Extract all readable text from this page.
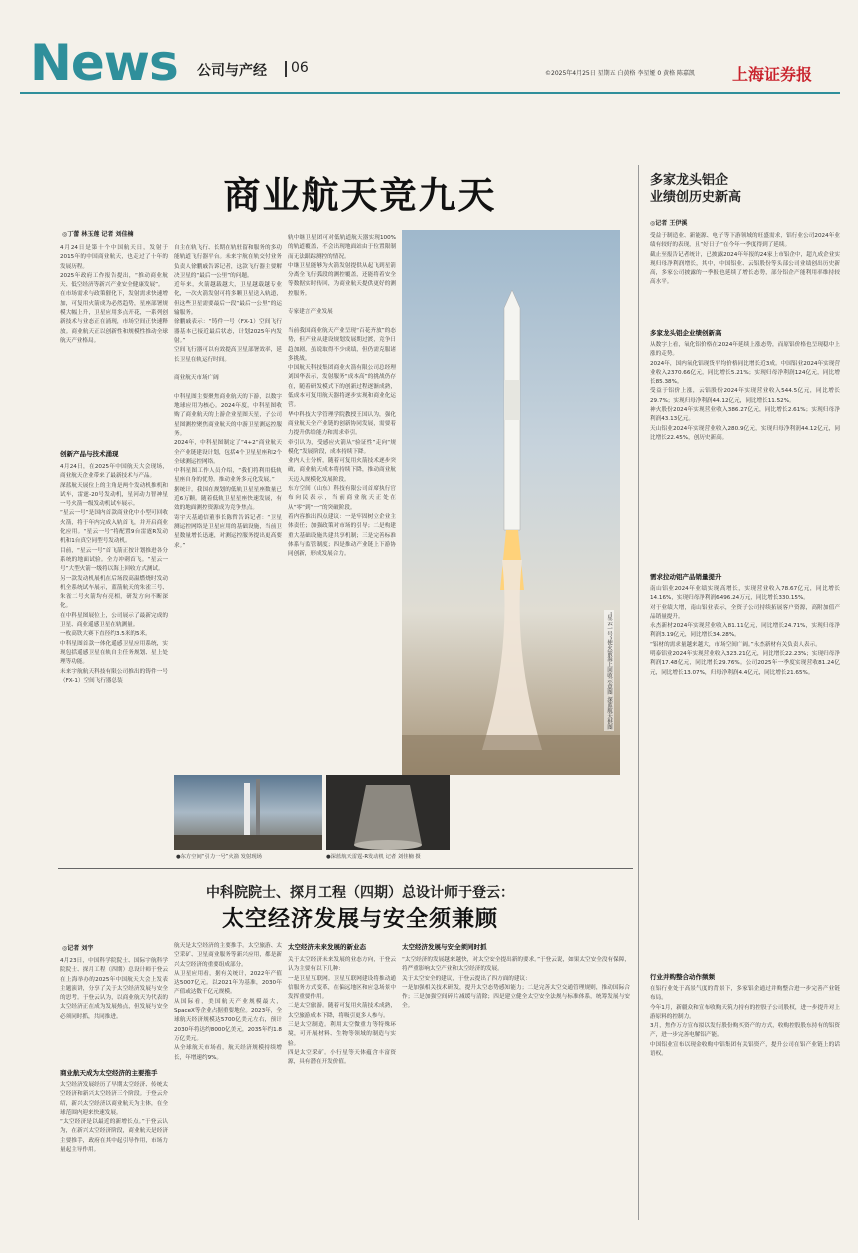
News 公司与产经 06	©2025年4月25日 星期五 白黄格 李星娅 0 黄格 陈嘉凯 上海证券报
商业航天竞九天
◎丁蕾 林玉莲 记者 刘佳楠
4月24日是第十个中国航天日，发射于2015年的中国商业航天，也走过了十年的发展历程。
2025年政府工作报告提出，“推动商业航天、低空经济等新兴产业安全健康发展”。
在市场需求与政策催化下，发射需求快速增加，可复用火箭成为必然趋势，星座部署规模大幅上升，卫星应用多点开花，一系列创新技术与业态正在涌现，市场空间正快速释放。商业航天正以创新性和规模性推动全球航天产业格局。
创新产品与技术涌现
4月24日，在2025年中国航天大会现场，商业航天企业带来了最新技术与产品。
深蓝航天展位上的主角是两个发动机推机和试车，雷霆-20号发动机，星河动力智神星一号火箭一级发动机试车展示。
“星云一号”是国内首款商业化中小型可回收火箭，将于年内完成入轨首飞，并开启商业化应用。“星云一号”将配置9台雷霆R发动机和1台真空同型号发动机。
目前，“星云一号”首飞箭正按计划推进各分系统的地面试验。全力冲刺首飞。“星云一号”大型火箭一级将以海上回收方式测试。
另一款发动机展机在后场段高温燃烧时发动机全系统试车展示，蓝箭航天的朱雀三号、朱雀二号火箭均有亮相，研发方向不断深化。
在中科星图展位上，公司展示了最新完成的卫星、商业遥感卫星在轨测量。
一枚高铁大赛下直径约3.5米的5米。
中科星图首款一体化遥感卫星应用系统，实现包括遥感卫星在轨自主任务规划、星上处理等功能。
未来宇航航天科技有限公司推出的铸件一号（FX-1）空间飞行器总装
自主在轨飞行、长期在轨驻留和服务的多功能轨道飞行器平台。未来宇航在轨交付业务负责人徐鹏戚告诉记者，这款飞行器主要解决卫星的“最后一公里”的问题。
近年来，火箭越载越大，卫星越载越专业化，一次火箭发射可将多颗卫星送入轨道，但这些卫星需要最后一段“最后一公里”的运输服务。
徐鹏戚表示：“铸件一号（FX-1）空间飞行器基本已接近最后状态，计划2025年内发射。”
空间飞行器可以有效提高卫星部署效率，延长卫星在轨运行时间。

商业航天市场广阔

中科星图主要聚焦商业航天的下游，以数字地球应用为核心。2024年度，中科星图收购了商业航天的上游企业星图天星，子公司星图测控聚焦商业航天的中游卫星测运控服务。
2024年，中科星图制定了“4+2”商业航天全产业链建设计划，包括4个卫星星座和2个全球测运控网络。
中科星图工作人员介绍，“我们将利用低轨星座自身的优势，推动业务多元化发展。”
据统计，我国在规划的低轨卫星星座数量已近6万颗。随着低轨卫星星座快速发展，有效的地面测控资源成为竞争焦点。
寄宇天基通信董事长陈哲告诉记者：“卫星测运控网络是卫星应用的基础设施，当前卫星数量增长迅速，对测运控服务提出更高要求。”
轨中继卫星团可对低轨道航天器实现100%的轨道覆盖，不会出现地面站由于位置限制而无法跟踪测控的情况。
中继卫星能够为火箭发射提供从起飞到星箭分离全飞行弧段的测控覆盖，还能将着安全等数据实时传回，为商业航天提供更好的测控服务。

专家建言产业发展

当前我国商业航天产业呈现“百花齐放”的态势，但产业从建设规划发展期过渡，竞争日趋加剧，虽说取得不少成绩，但仍需克服诸多挑战。
中国航天科技集团商业火箭有限公司总经理刘国华表示，发射服务“成本高”的挑战仍存在，随着研发模式下的创新过程逐渐成熟，低成本可复用航天器将逐步实现和商业化运营。
华中科技大学管理学院教授王国认为，强化商业航天全产业链的创新协同发展，需要着力提升供给能力和需求牵引。
牵引认为，受感应火箭从“验证性”走向“规模化”发展阶段，成本持续下降。
业内人士分析，随着可复用火箭技术逐步突破，商业航天成本将持续下降，推动商业航天迈入规模化发展阶段。
东方空间（山东）科技有限公司首席执行官布向民表示，当前商业航天正处在从“零”到“一”的突破阶段。
着内容推出四点建议：一是牢固树立企业主体责任；加强政策对市场的引导；二是构建重大基础设施共建共享机制；三是完善标准体系与监管制度；四是推动产业链上下游协同创新，形成发展合力。
“星云一号”使火箭海上回收示意图 深蓝航天供图
●东方空间“引力一号”火箭 发射现场	●深蓝航天雷霆-R发动机 记者 刘佳楠 摄
多家龙头铝企
业绩创历史新高
◎记者 王伊溪
受益于制造业、新能源、电子等下游领域的旺盛需求，铝行业公司2024年业绩有较好的表现，且“好日子”在今年一季度得到了延续。
截止至报告记者统计，已披露2024年年报的24家上市铝企中，超九成企业实现归母净利润增长，其中，中国铝业、云铝股份等头部公司业绩创出历史新高，多家公司披露的一季报也延续了增长态势，部分铝企产能利用率维持较高水平。
多家龙头铝企业绩创新高
从数字上看，氧化铝价格在2024年延续上涨态势，而原铝价格也呈现稳中上涨的走势。
2024年，国内氧化铝现货平均价格同比增长近3成。中国铝业2024年实现营业收入2370.66亿元，同比增长5.21%；实现归母净利润124亿元，同比增长85.38%。
受益于铝价上涨，云铝股份2024年实现营业收入544.5亿元，同比增长29.7%；实现归母净利润44.12亿元，同比增长11.52%。
神火股份2024年实现营业收入386.27亿元，同比增长2.61%；实现归母净利润43.13亿元。
天山铝业2024年实现营业收入280.9亿元，实现归母净利润44.12亿元，同比增长22.45%，创历史新高。
需求拉动铝产品销量提升
南山铝业2024年业绩实现高增长，实现营业收入78.67亿元，同比增长14.16%，实现归母净利润6496.24万元，同比增长330.15%。
对于业绩大增，南山铝业表示，全资子公司持续拓展客户资源，高附加值产品销量提升。
永杰新材2024年实现营业收入81.11亿元，同比增长24.71%，实现归母净利润3.19亿元，同比增长34.28%。
“铝材的需求量越来越大，市场空间广阔。”永杰新材有关负责人表示。
明泰铝业2024年实现营业收入323.21亿元，同比增长22.23%；实现归母净利润17.48亿元，同比增长29.76%。公司2025年一季度实现营收81.24亿元，同比增长13.07%，归母净利润4.4亿元，同比增长21.65%。
行业并购整合动作频频
在铝行业处于高景气度的背景下，多家铝企通过并购整合进一步完善产业链布局。
今年1月，新疆众和宣布收购天筑力持有的控股子公司股权，进一步提升对上游原料的控制力。
3月，焦作万方宣布拟以发行股份购买资产的方式，收购控股股东持有的铝资产，进一步完善电解铝产能。
中国铝业宣布以现金收购中铝集团有关铝资产，提升公司在铝产业链上的话语权。
中科院院士、探月工程（四期）总设计师于登云：
太空经济发展与安全须兼顾
◎记者 刘宇
4月23日，中国科学院院士、国际宇航科学院院士、探月工程（四期）总设计师于登云在上海举办的2025年中国航天大会上发表主题演讲，分享了关于太空经济发展与安全的思考。于登云认为，以商业航天为代表的太空经济正在成为发展热点，但发展与安全必须同时抓，共同推进。
商业航天成为太空经济的主要推手
太空经济发展经历了早期太空经济、传统太空经济和新兴太空经济三个阶段。于登云介绍，新兴太空经济以商业航天为主体，在全球范围内迎来快速发展。
“太空经济是以最近的新增长点。”于登云认为，在新兴太空经济阶段，商业航天是经济主要推手，政府在其中起引导作用，市场力量起主导作用。
航天是太空经济的主要推手。太空旅游、太空采矿、卫星商业服务等新兴应用，都是新兴太空经济的重要组成部分。
从卫星应用看，据有关统计，2022年产值达5007亿元。以2021年为基准，2030年产值或达数千亿元规模。
从国际看，美国航天产业规模最大，SpaceX等企业占据重要地位。2023年，全球航天经济规模达5700亿美元左右，预计2030年将达约8000亿美元，2035年约1.8万亿美元。
从全球航天市场看，航天经济规模持续增长，年增速约9%。
太空经济未来发展的新业态
关于太空经济未来发展的业态方向，于登云认为主要有以下几种：
一是卫星互联网。卫星互联网建设将推动通信服务方式变革，在偏远地区和应急场景中发挥重要作用。
二是太空旅游。随着可复用火箭技术成熟，太空旅游成本下降，将吸引更多人参与。
三是太空制造。利用太空微重力等特殊环境，可开展材料、生物等领域的制造与实验。
四是太空采矿。小行星等天体蕴含丰富资源，具有潜在开发价值。
太空经济发展与安全须同时抓
“太空经济的发展越来越快，对太空安全提出新的要求。”于登云说，如果太空安全没有保障，将严重影响太空产业和太空经济的发展。
关于太空安全的建议，于登云提出了四方面的建议：
一是加强相关技术研发，提升太空态势感知能力；二是完善太空交通管理规则，推动国际合作；三是加强空间碎片减缓与清除；四是建立健全太空安全法规与标准体系，统筹发展与安全。
